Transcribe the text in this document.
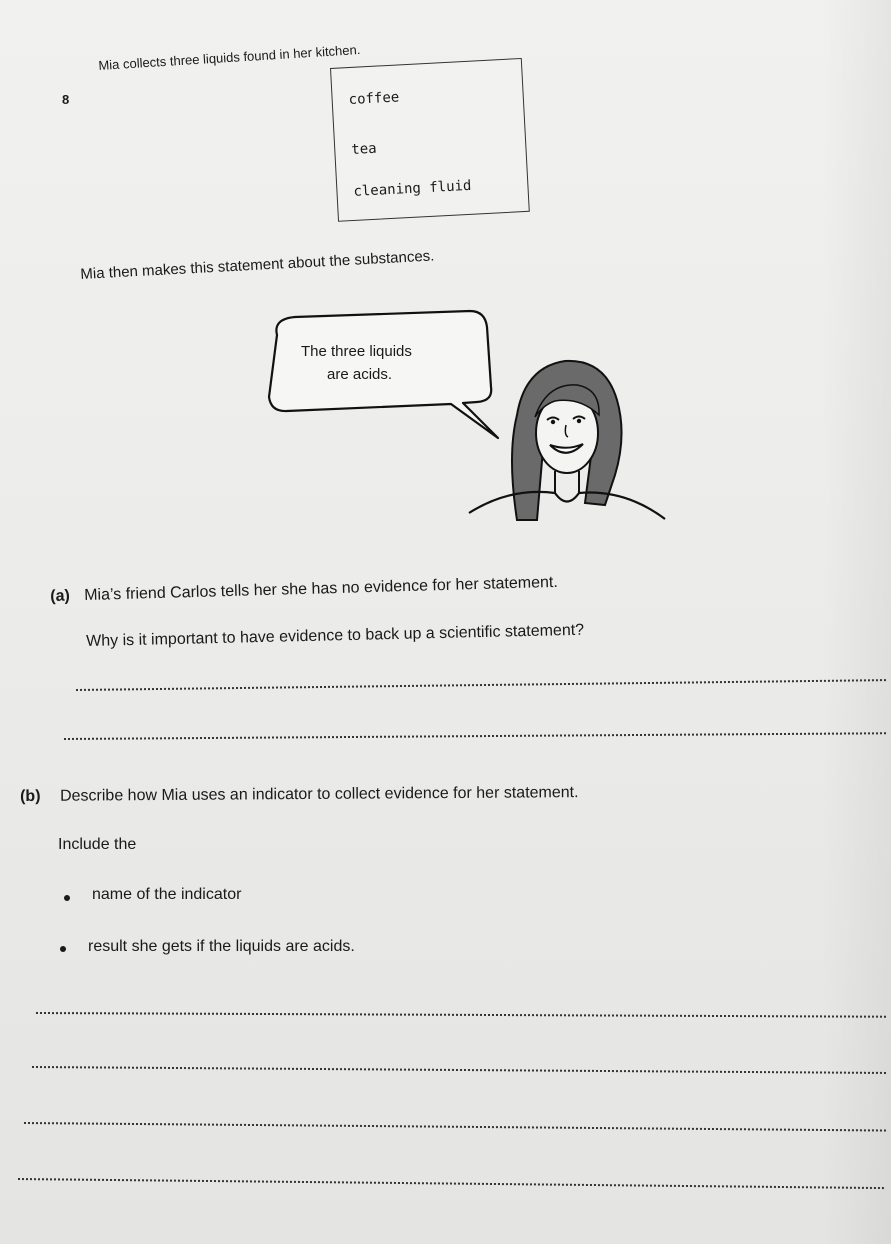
8
Mia collects three liquids found in her kitchen.
coffee
tea
cleaning fluid
Mia then makes this statement about the substances.
The three liquids
are acids.
(a) Mia’s friend Carlos tells her she has no evidence for her statement.
Why is it important to have evidence to back up a scientific statement?
(b) Describe how Mia uses an indicator to collect evidence for her statement.
Include the
name of the indicator
result she gets if the liquids are acids.
